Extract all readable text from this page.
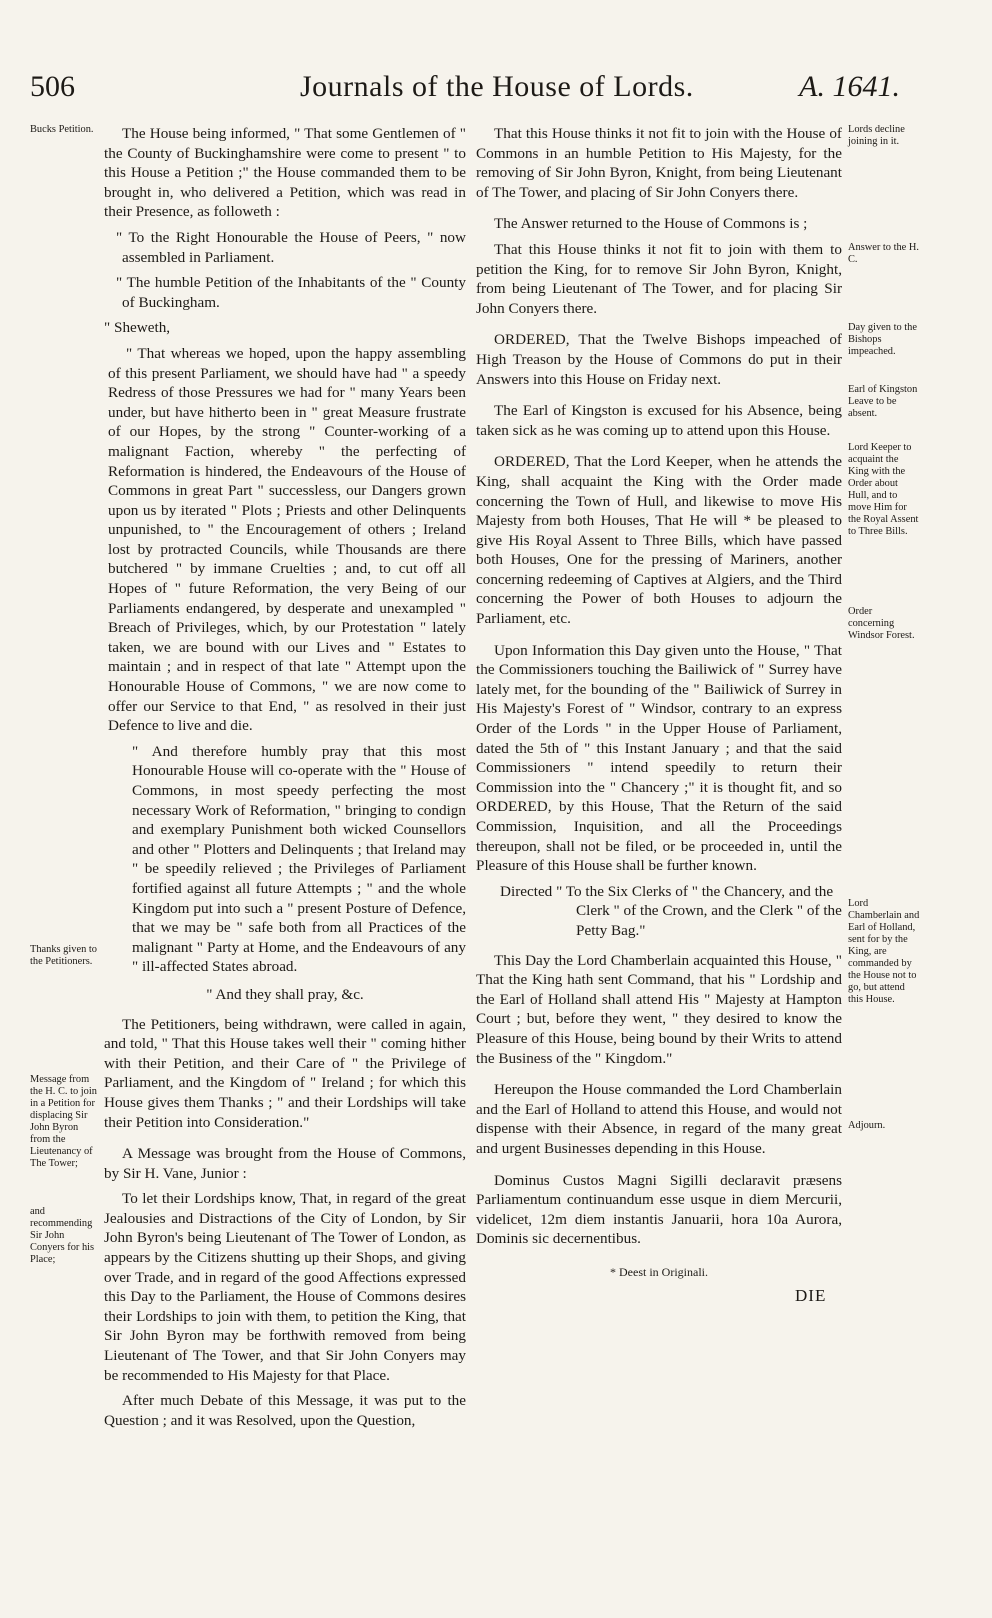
506	Journals of the House of Lords.	A. 1641.
Bucks Petition.
Thanks given to the Petitioners.
Message from the H. C. to join in a Petition for displacing Sir John Byron from the Lieutenancy of The Tower;
and recommending Sir John Conyers for his Place;
Lords decline joining in it.
Answer to the H. C.
Day given to the Bishops impeached.
Earl of Kingston Leave to be absent.
Lord Keeper to acquaint the King with the Order about Hull, and to move Him for the Royal Assent to Three Bills.
Order concerning Windsor Forest.
Lord Chamberlain and Earl of Holland, sent for by the King, are commanded by the House not to go, but attend this House.
Adjourn.

The House being informed, " That some Gentlemen of " the County of Buckinghamshire were come to present " to this House a Petition ;" the House commanded them to be brought in, who delivered a Petition, which was read in their Presence, as followeth :

" To the Right Honourable the House of Peers, " now assembled in Parliament.

" The humble Petition of the Inhabitants of the " County of Buckingham.

" Sheweth,

" That whereas we hoped, upon the happy assembling of this present Parliament, we should have had " a speedy Redress of those Pressures we had for " many Years been under, but have hitherto been in " great Measure frustrate of our Hopes, by the strong " Counter-working of a malignant Faction, whereby " the perfecting of Reformation is hindered, the Endeavours of the House of Commons in great Part " successless, our Dangers grown upon us by iterated " Plots ; Priests and other Delinquents unpunished, to " the Encouragement of others ; Ireland lost by protracted Councils, while Thousands are there butchered " by immane Cruelties ; and, to cut off all Hopes of " future Reformation, the very Being of our Parliaments endangered, by desperate and unexampled " Breach of Privileges, which, by our Protestation " lately taken, we are bound with our Lives and " Estates to maintain ; and in respect of that late " Attempt upon the Honourable House of Commons, " we are now come to offer our Service to that End, " as resolved in their just Defence to live and die.

" And therefore humbly pray that this most Honourable House will co-operate with the " House of Commons, in most speedy perfecting the most necessary Work of Reformation, " bringing to condign and exemplary Punishment both wicked Counsellors and other " Plotters and Delinquents ; that Ireland may " be speedily relieved ; the Privileges of Parliament fortified against all future Attempts ; " and the whole Kingdom put into such a " present Posture of Defence, that we may be " safe both from all Practices of the malignant " Party at Home, and the Endeavours of any " ill-affected States abroad.

" And they shall pray, &c.

The Petitioners, being withdrawn, were called in again, and told, " That this House takes well their " coming hither with their Petition, and their Care of " the Privilege of Parliament, and the Kingdom of " Ireland ; for which this House gives them Thanks ; " and their Lordships will take their Petition into Consideration."

A Message was brought from the House of Commons, by Sir H. Vane, Junior :

To let their Lordships know, That, in regard of the great Jealousies and Distractions of the City of London, by Sir John Byron's being Lieutenant of The Tower of London, as appears by the Citizens shutting up their Shops, and giving over Trade, and in regard of the good Affections expressed this Day to the Parliament, the House of Commons desires their Lordships to join with them, to petition the King, that Sir John Byron may be forthwith removed from being Lieutenant of The Tower, and that Sir John Conyers may be recommended to His Majesty for that Place.

After much Debate of this Message, it was put to the Question ; and it was Resolved, upon the Question,

That this House thinks it not fit to join with the House of Commons in an humble Petition to His Majesty, for the removing of Sir John Byron, Knight, from being Lieutenant of The Tower, and placing of Sir John Conyers there.

The Answer returned to the House of Commons is ;

That this House thinks it not fit to join with them to petition the King, for to remove Sir John Byron, Knight, from being Lieutenant of The Tower, and for placing Sir John Conyers there.

ORDERED, That the Twelve Bishops impeached of High Treason by the House of Commons do put in their Answers into this House on Friday next.

The Earl of Kingston is excused for his Absence, being taken sick as he was coming up to attend upon this House.

ORDERED, That the Lord Keeper, when he attends the King, shall acquaint the King with the Order made concerning the Town of Hull, and likewise to move His Majesty from both Houses, That He will * be pleased to give His Royal Assent to Three Bills, which have passed both Houses, One for the pressing of Mariners, another concerning redeeming of Captives at Algiers, and the Third concerning the Power of both Houses to adjourn the Parliament, etc.

Upon Information this Day given unto the House, " That the Commissioners touching the Bailiwick of " Surrey have lately met, for the bounding of the " Bailiwick of Surrey in His Majesty's Forest of " Windsor, contrary to an express Order of the Lords " in the Upper House of Parliament, dated the 5th of " this Instant January ; and that the said Commissioners " intend speedily to return their Commission into the " Chancery ;" it is thought fit, and so ORDERED, by this House, That the Return of the said Commission, Inquisition, and all the Proceedings thereupon, shall not be filed, or be proceeded in, until the Pleasure of this House shall be further known.

Directed " To the Six Clerks of " the Chancery, and the Clerk " of the Crown, and the Clerk " of the Petty Bag."

This Day the Lord Chamberlain acquainted this House, " That the King hath sent Command, that his " Lordship and the Earl of Holland shall attend His " Majesty at Hampton Court ; but, before they went, " they desired to know the Pleasure of this House, being bound by their Writs to attend the Business of the " Kingdom."

Hereupon the House commanded the Lord Chamberlain and the Earl of Holland to attend this House, and would not dispense with their Absence, in regard of the many great and urgent Businesses depending in this House.

Dominus Custos Magni Sigilli declaravit præsens Parliamentum continuandum esse usque in diem Mercurii, videlicet, 12m diem instantis Januarii, hora 10a Aurora, Dominis sic decernentibus.

* Deest in Originali.

DIE
